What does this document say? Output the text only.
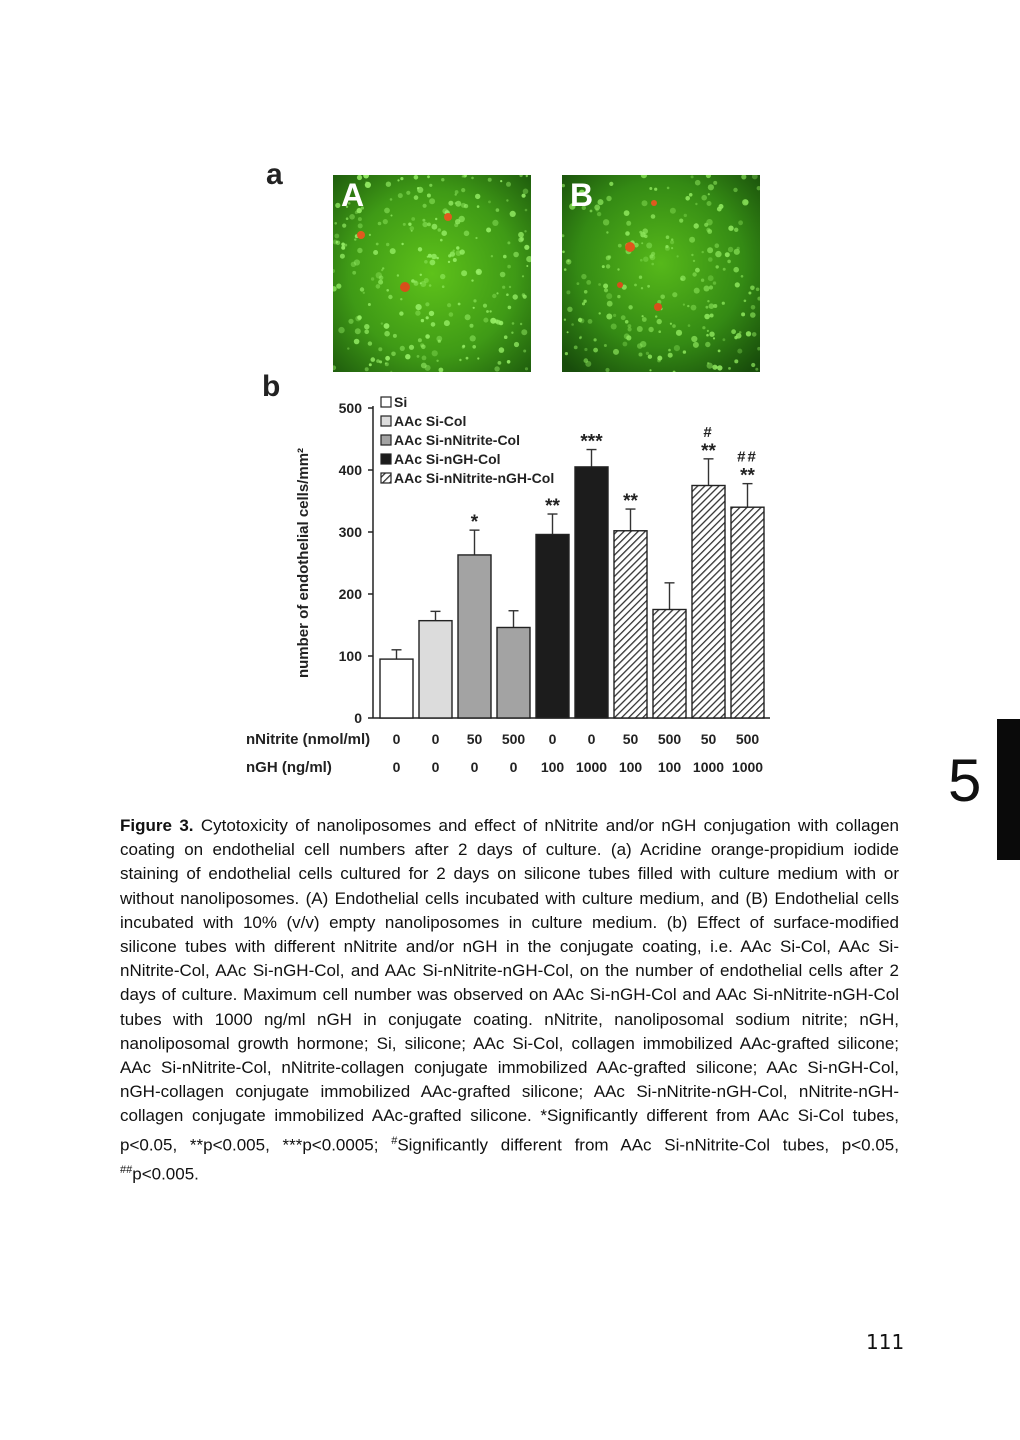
a
b
A	B
0
100
200
300
400
500
number of endothelial cells/mm²	*
**
***
**
**
#
**
##
Si
AAc Si-Col
AAc Si-nNitrite-Col
AAc Si-nGH-Col
AAc Si-nNitrite-nGH-Col
nNitrite (nmol/ml)
nGH (ng/ml)
0 0 50 500 0 0 50 500 50 500
0 0 0 0 100 1000 100 100 1000 1000

Figure 3. Cytotoxicity of nanoliposomes and effect of nNitrite and/or nGH conjugation with collagen coating on endothelial cell numbers after 2 days of culture. (a) Acridine orange-propidium iodide staining of endothelial cells cultured for 2 days on silicone tubes filled with culture medium with or without nanoliposomes. (A) Endothelial cells incubated with culture medium, and (B) Endothelial cells incubated with 10% (v/v) empty nanoliposomes in culture medium. (b) Effect of surface-modified silicone tubes with different nNitrite and/or nGH in the conjugate coating, i.e. AAc Si-Col, AAc Si-nNitrite-Col, AAc Si-nGH-Col, and AAc Si-nNitrite-nGH-Col, on the number of endothelial cells after 2 days of culture. Maximum cell number was observed on AAc Si-nGH-Col and AAc Si-nNitrite-nGH-Col tubes with 1000 ng/ml nGH in conjugate coating. nNitrite, nanoliposomal sodium nitrite; nGH, nanoliposomal growth hormone; Si, silicone; AAc Si-Col, collagen immobilized AAc-grafted silicone; AAc Si-nNitrite-Col, nNitrite-collagen conjugate immobilized AAc-grafted silicone; AAc Si-nGH-Col, nGH-collagen conjugate immobilized AAc-grafted silicone; AAc Si-nNitrite-nGH-Col, nNitrite-nGH-collagen conjugate immobilized AAc-grafted silicone. *Significantly different from AAc Si-Col tubes, p<0.05, **p<0.005, ***p<0.0005; #Significantly different from AAc Si-nNitrite-Col tubes, p<0.05, ##p<0.005.

5
111
